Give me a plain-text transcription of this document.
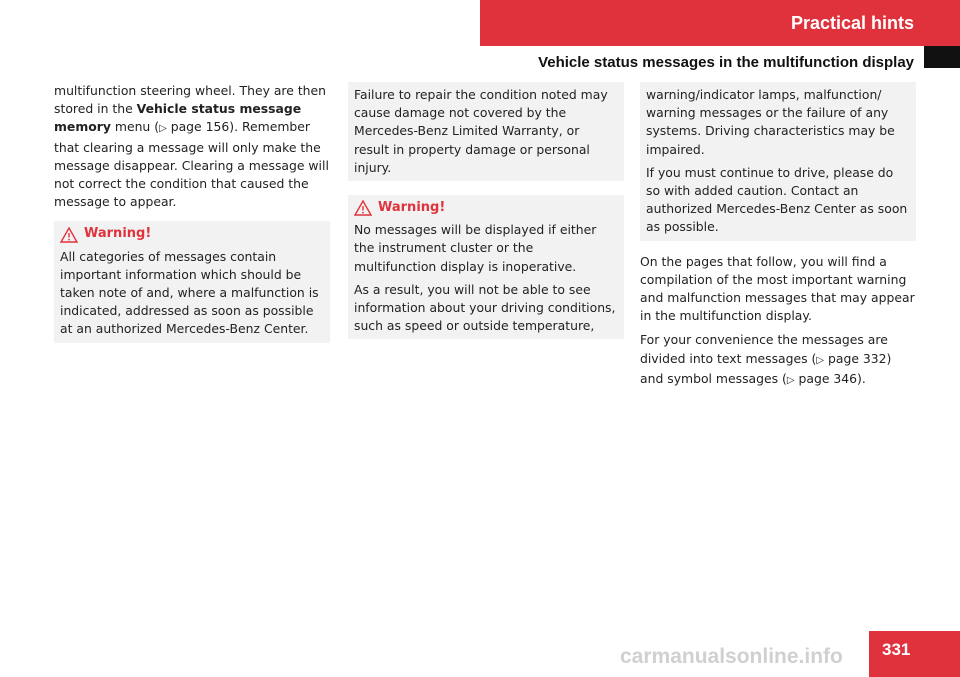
Practical hints
Vehicle status messages in the multifunction display

multifunction steering wheel. They are then stored in the Vehicle status message memory menu (▷ page 156). Remember that clearing a message will only make the message disappear. Clearing a message will not correct the condition that caused the message to appear.

Warning!

All categories of messages contain important information which should be taken note of and, where a malfunction is indicated, addressed as soon as possible at an authorized Mercedes-Benz Center.

Failure to repair the condition noted may cause damage not covered by the Mercedes-Benz Limited Warranty, or result in property damage or personal injury.

Warning!

No messages will be displayed if either the instrument cluster or the multifunction display is inoperative.

As a result, you will not be able to see information about your driving conditions, such as speed or outside temperature,

warning/indicator lamps, malfunction/ warning messages or the failure of any systems. Driving characteristics may be impaired.

If you must continue to drive, please do so with added caution. Contact an authorized Mercedes-Benz Center as soon as possible.

On the pages that follow, you will find a compilation of the most important warning and malfunction messages that may appear in the multifunction display.

For your convenience the messages are divided into text messages (▷ page 332) and symbol messages (▷ page 346).

carmanualsonline.info	331
